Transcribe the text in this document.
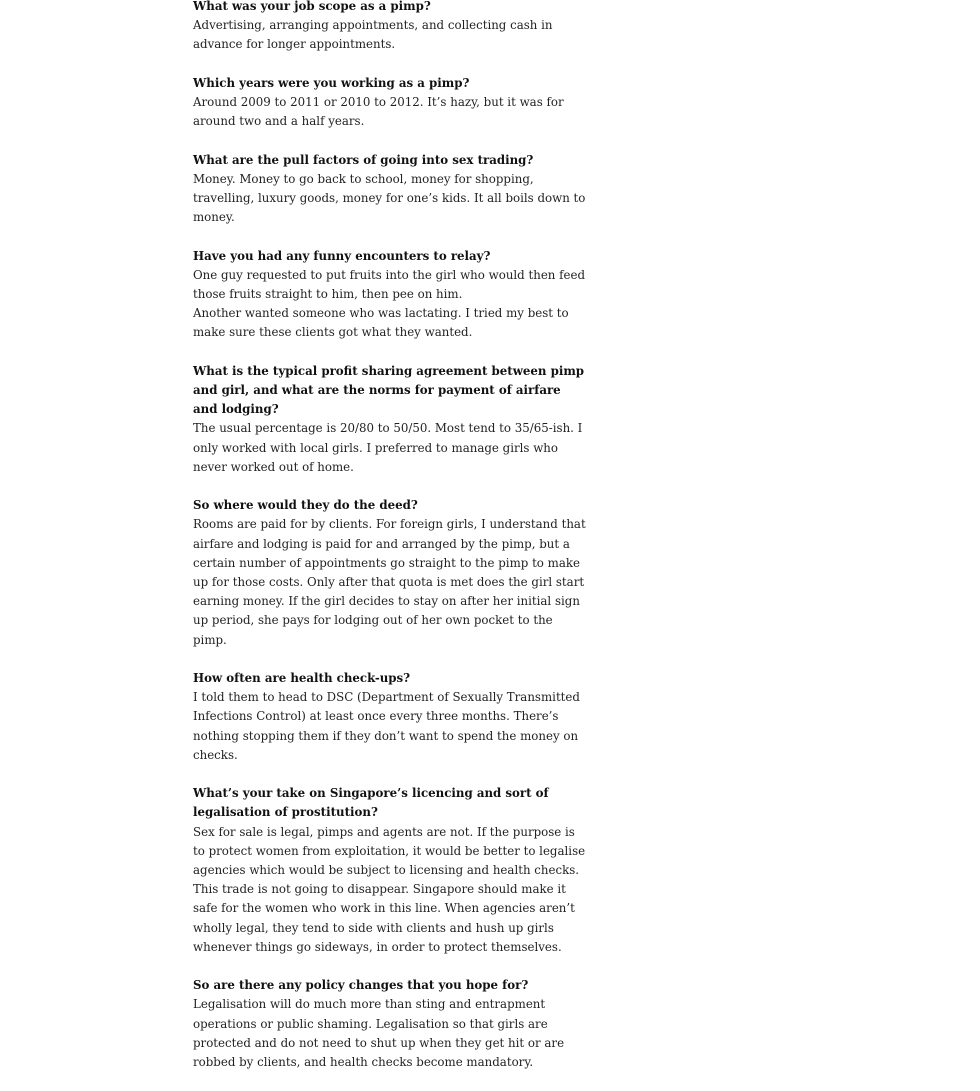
What was your job scope as a pimp?

Advertising, arranging appointments, and collecting cash in advance for longer appointments.

Which years were you working as a pimp?

Around 2009 to 2011 or 2010 to 2012. It’s hazy, but it was for around two and a half years.

What are the pull factors of going into sex trading?

Money. Money to go back to school, money for shopping, travelling, luxury goods, money for one’s kids. It all boils down to money.

Have you had any funny encounters to relay?

One guy requested to put fruits into the girl who would then feed those fruits straight to him, then pee on him.

Another wanted someone who was lactating. I tried my best to make sure these clients got what they wanted.

What is the typical profit sharing agreement between pimp and girl, and what are the norms for payment of airfare and lodging?

The usual percentage is 20/80 to 50/50. Most tend to 35/65-ish. I only worked with local girls. I preferred to manage girls who never worked out of home.

So where would they do the deed?

Rooms are paid for by clients. For foreign girls, I understand that airfare and lodging is paid for and arranged by the pimp, but a certain number of appointments go straight to the pimp to make up for those costs. Only after that quota is met does the girl start earning money. If the girl decides to stay on after her initial sign up period, she pays for lodging out of her own pocket to the pimp.

How often are health check-ups?

I told them to head to DSC (Department of Sexually Transmitted Infections Control) at least once every three months. There’s nothing stopping them if they don’t want to spend the money on checks.

What’s your take on Singapore’s licencing and sort of legalisation of prostitution?

Sex for sale is legal, pimps and agents are not. If the purpose is to protect women from exploitation, it would be better to legalise agencies which would be subject to licensing and health checks. This trade is not going to disappear. Singapore should make it safe for the women who work in this line. When agencies aren’t wholly legal, they tend to side with clients and hush up girls whenever things go sideways, in order to protect themselves.

So are there any policy changes that you hope for?

Legalisation will do much more than sting and entrapment operations or public shaming. Legalisation so that girls are protected and do not need to shut up when they get hit or are robbed by clients, and health checks become mandatory.
